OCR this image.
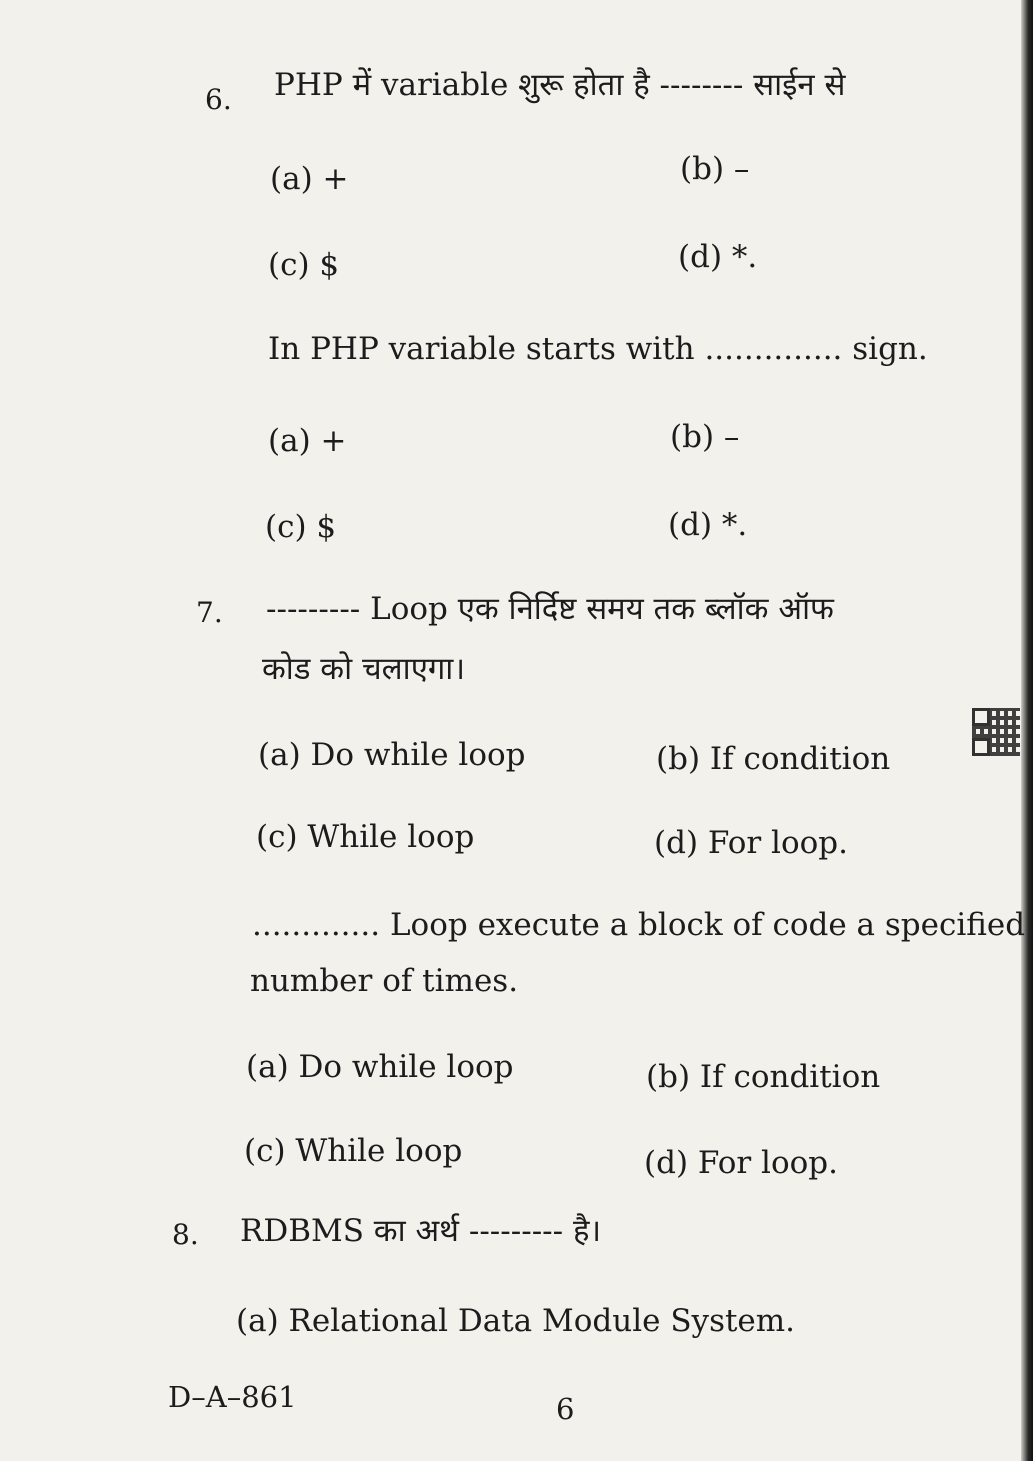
6. PHP में variable शुरू होता है -------- साईन से
(a) +	(b) –
(c) $	(d) *.
In PHP variable starts with .............. sign.
(a) +	(b) –
(c) $	(d) *.
7. --------- Loop एक निर्दिष्ट समय तक ब्लॉक ऑफ
कोड को चलाएगा।
(a) Do while loop	(b) If condition
(c) While loop	(d) For loop.
............. Loop execute a block of code a specified
number of times.
(a) Do while loop	(b) If condition
(c) While loop	(d) For loop.
8. RDBMS का अर्थ --------- है।
(a) Relational Data Module System.
D–A–861	6
